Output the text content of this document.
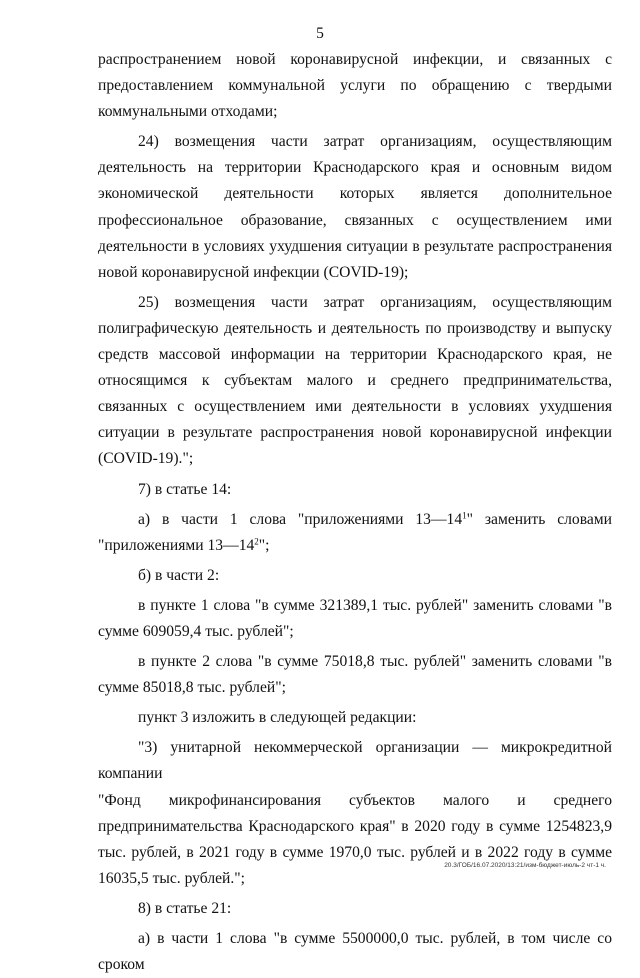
5

распространением новой коронавирусной инфекции, и связанных с предоставлением коммунальной услуги по обращению с твердыми коммунальными отходами;

24) возмещения части затрат организациям, осуществляющим деятельность на территории Краснодарского края и основным видом экономической деятельности которых является дополнительное профессиональное образование, связанных с осуществлением ими деятельности в условиях ухудшения ситуации в результате распространения новой коронавирусной инфекции (COVID-19);

25) возмещения части затрат организациям, осуществляющим полиграфическую деятельность и деятельность по производству и выпуску средств массовой информации на территории Краснодарского края, не относящимся к субъектам малого и среднего предпринимательства, связанных с осуществлением ими деятельности в условиях ухудшения ситуации в результате распространения новой коронавирусной инфекции (COVID-19).";

7) в статье 14:

а) в части 1 слова "приложениями $13—14^1$" заменить словами "приложениями $13—14^2$";

б) в части 2:

в пункте 1 слова "в сумме 321389,1 тыс. рублей" заменить словами "в сумме 609059,4 тыс. рублей";

в пункте 2 слова "в сумме 75018,8 тыс. рублей" заменить словами "в сумме 85018,8 тыс. рублей";

пункт 3 изложить в следующей редакции:

"3) унитарной некоммерческой организации — микрокредитной компании

"Фонд микрофинансирования субъектов малого и среднего предпринимательства Краснодарского края" в 2020 году в сумме 1254823,9 тыс. рублей, в 2021 году в сумме 1970,0 тыс. рублей и в 2022 году в сумме 16035,5 тыс. рублей.";

8) в статье 21:

а) в части 1 слова "в сумме 5500000,0 тыс. рублей, в том числе со сроком

20.3/ГОБ/16.07.2020/13:21/изм-бюджет-июль-2 чт-1 ч.
